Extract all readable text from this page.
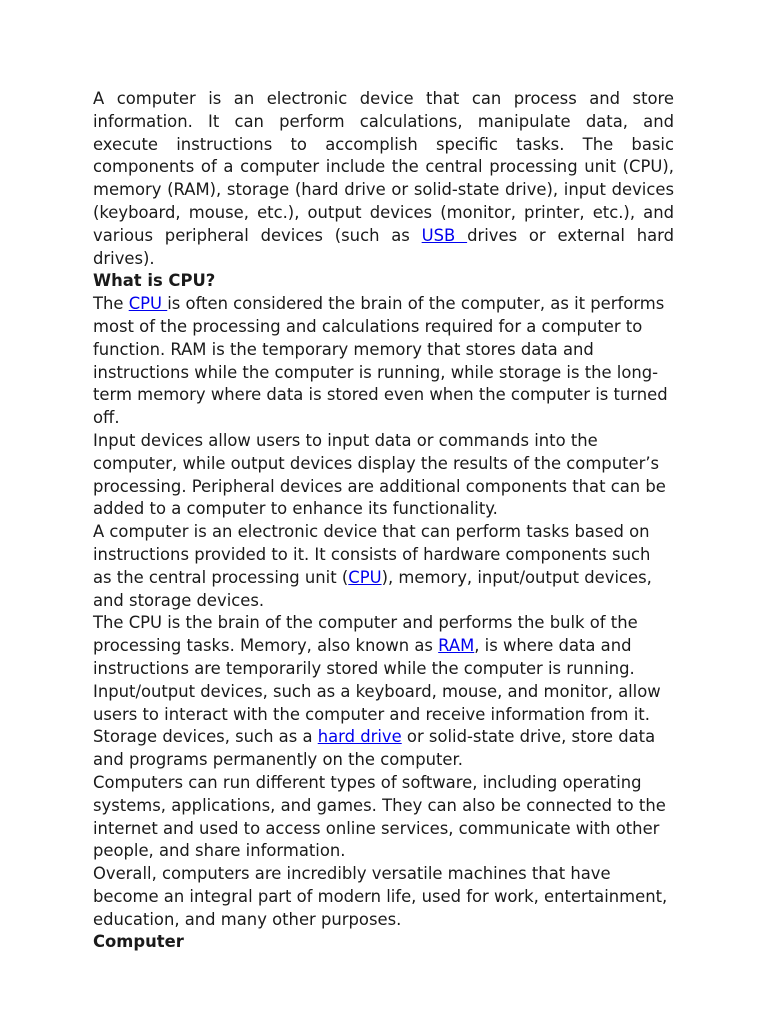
A computer is an electronic device that can process and store information. It can perform calculations, manipulate data, and execute instructions to accomplish specific tasks. The basic components of a computer include the central processing unit (CPU), memory (RAM), storage (hard drive or solid-state drive), input devices (keyboard, mouse, etc.), output devices (monitor, printer, etc.), and various peripheral devices (such as USB drives or external hard drives).

What is CPU?

The CPU is often considered the brain of the computer, as it performs most of the processing and calculations required for a computer to function. RAM is the temporary memory that stores data and instructions while the computer is running, while storage is the long-term memory where data is stored even when the computer is turned off.

Input devices allow users to input data or commands into the computer, while output devices display the results of the computer’s processing. Peripheral devices are additional components that can be added to a computer to enhance its functionality.

A computer is an electronic device that can perform tasks based on instructions provided to it. It consists of hardware components such as the central processing unit (CPU), memory, input/output devices, and storage devices.

The CPU is the brain of the computer and performs the bulk of the processing tasks. Memory, also known as RAM, is where data and instructions are temporarily stored while the computer is running.

Input/output devices, such as a keyboard, mouse, and monitor, allow users to interact with the computer and receive information from it.

Storage devices, such as a hard drive or solid-state drive, store data and programs permanently on the computer.

Computers can run different types of software, including operating systems, applications, and games. They can also be connected to the internet and used to access online services, communicate with other people, and share information.

Overall, computers are incredibly versatile machines that have become an integral part of modern life, used for work, entertainment, education, and many other purposes.

Computer
